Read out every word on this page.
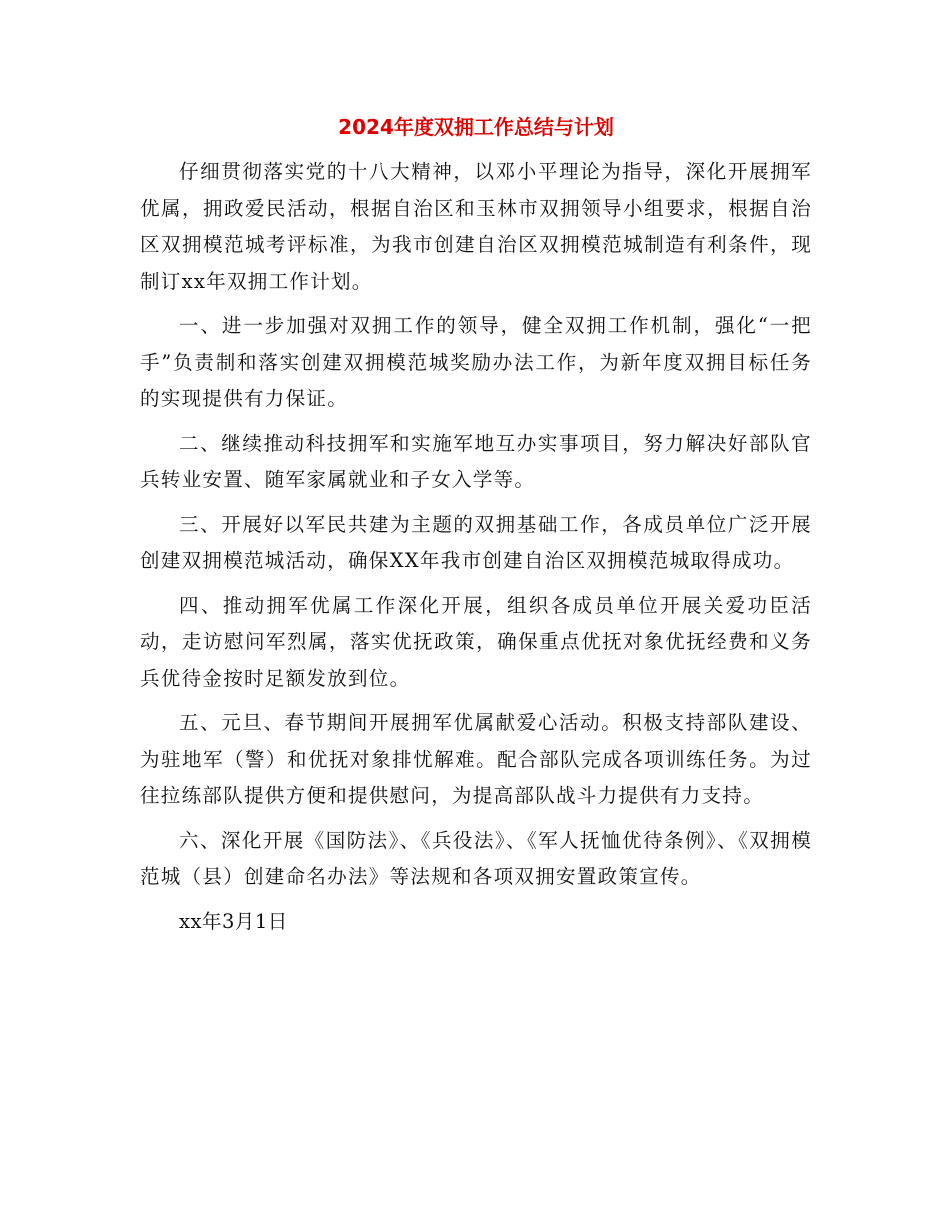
2024年度双拥工作总结与计划

仔细贯彻落实党的十八大精神，以邓小平理论为指导，深化开展拥军优属，拥政爱民活动，根据自治区和玉林市双拥领导小组要求，根据自治区双拥模范城考评标准，为我市创建自治区双拥模范城制造有利条件，现制订xx年双拥工作计划。

一、进一步加强对双拥工作的领导，健全双拥工作机制，强化“一把手”负责制和落实创建双拥模范城奖励办法工作，为新年度双拥目标任务的实现提供有力保证。

二、继续推动科技拥军和实施军地互办实事项目，努力解决好部队官兵转业安置、随军家属就业和子女入学等。

三、开展好以军民共建为主题的双拥基础工作，各成员单位广泛开展创建双拥模范城活动，确保XX年我市创建自治区双拥模范城取得成功。

四、推动拥军优属工作深化开展，组织各成员单位开展关爱功臣活动，走访慰问军烈属，落实优抚政策，确保重点优抚对象优抚经费和义务兵优待金按时足额发放到位。

五、元旦、春节期间开展拥军优属献爱心活动。积极支持部队建设、为驻地军（警）和优抚对象排忧解难。配合部队完成各项训练任务。为过往拉练部队提供方便和提供慰问，为提高部队战斗力提供有力支持。

六、深化开展《国防法》、《兵役法》、《军人抚恤优待条例》、《双拥模范城（县）创建命名办法》等法规和各项双拥安置政策宣传。

xx年3月1日
